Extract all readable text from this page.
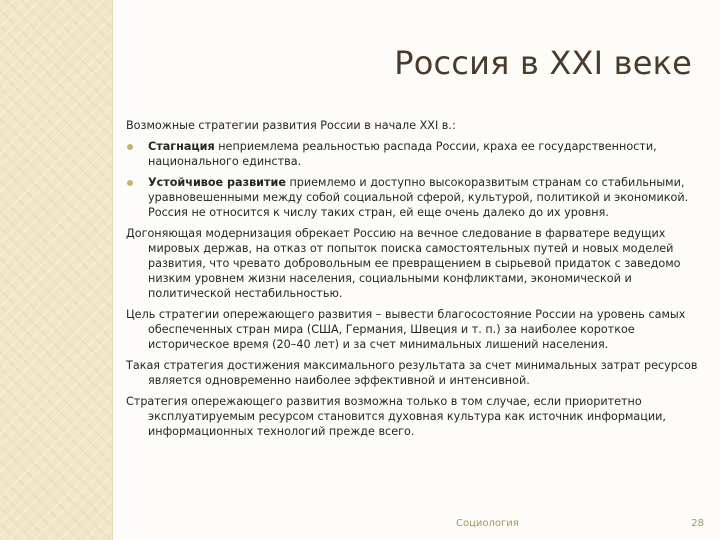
Россия в XXI веке

Возможные стратегии развития России в начале XXI в.:

Стагнация неприемлема реальностью распада России, краха ее государственности, национального единства.
Устойчивое развитие приемлемо и доступно высокоразвитым странам со стабильными, уравновешенными между собой социальной сферой, культурой, политикой и экономикой. Россия не относится к числу таких стран, ей еще очень далеко до их уровня.

Догоняющая модернизация обрекает Россию на вечное следование в фарватере ведущих мировых держав, на отказ от попыток поиска самостоятельных путей и новых моделей развития, что чревато добровольным ее превращением в сырьевой придаток с заведомо низким уровнем жизни населения, социальными конфликтами, экономической и политической нестабильностью.

Цель стратегии опережающего развития – вывести благосостояние России на уровень самых обеспеченных стран мира (США, Германия, Швеция и т. п.) за наиболее короткое историческое время (20–40 лет) и за счет минимальных лишений населения.

Такая стратегия достижения максимального результата за счет минимальных затрат ресурсов является одновременно наиболее эффективной и интенсивной.

Стратегия опережающего развития возможна только в том случае, если приоритетно эксплуатируемым ресурсом становится духовная культура как источник информации, информационных технологий прежде всего.

Социология	28
